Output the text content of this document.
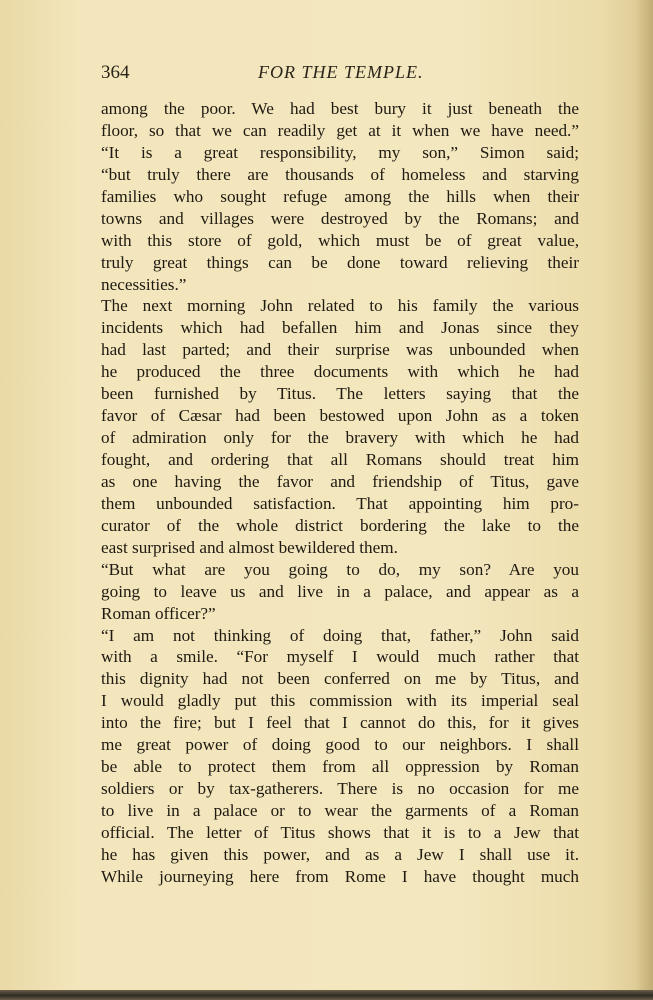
364	FOR THE TEMPLE.
among the poor. We had best bury it just beneath the
floor, so that we can readily get at it when we have need.”
“It is a great responsibility, my son,” Simon said;
“but truly there are thousands of homeless and starving
families who sought refuge among the hills when their
towns and villages were destroyed by the Romans; and
with this store of gold, which must be of great value,
truly great things can be done toward relieving their
necessities.”
The next morning John related to his family the various
incidents which had befallen him and Jonas since they
had last parted; and their surprise was unbounded when
he produced the three documents with which he had
been furnished by Titus. The letters saying that the
favor of Cæsar had been bestowed upon John as a token
of admiration only for the bravery with which he had
fought, and ordering that all Romans should treat him
as one having the favor and friendship of Titus, gave
them unbounded satisfaction. That appointing him pro-
curator of the whole district bordering the lake to the
east surprised and almost bewildered them.
“But what are you going to do, my son? Are you
going to leave us and live in a palace, and appear as a
Roman officer?”
“I am not thinking of doing that, father,” John said
with a smile. “For myself I would much rather that
this dignity had not been conferred on me by Titus, and
I would gladly put this commission with its imperial seal
into the fire; but I feel that I cannot do this, for it gives
me great power of doing good to our neighbors. I shall
be able to protect them from all oppression by Roman
soldiers or by tax-gatherers. There is no occasion for me
to live in a palace or to wear the garments of a Roman
official. The letter of Titus shows that it is to a Jew that
he has given this power, and as a Jew I shall use it.
While journeying here from Rome I have thought much
